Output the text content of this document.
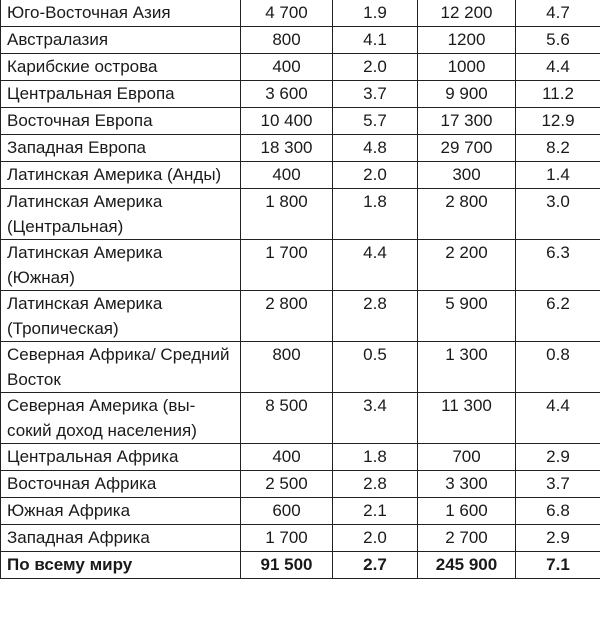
Юго-Восточная Азия	4 700	1.9	12 200	4.7
Австралазия	800	4.1	1200	5.6
Карибские острова	400	2.0	1000	4.4
Центральная Европа	3 600	3.7	9 900	11.2
Восточная Европа	10 400	5.7	17 300	12.9
Западная Европа	18 300	4.8	29 700	8.2
Латинская Америка (Анды)	400	2.0	300	1.4
Латинская Америка (Центральная)	1 800	1.8	2 800	3.0
Латинская Америка (Южная)	1 700	4.4	2 200	6.3
Латинская Америка (Тропическая)	2 800	2.8	5 900	6.2
Северная Африка/ Средний Восток	800	0.5	1 300	0.8
Северная Америка (вы-сокий доход населения)	8 500	3.4	11 300	4.4
Центральная Африка	400	1.8	700	2.9
Восточная Африка	2 500	2.8	3 300	3.7
Южная Африка	600	2.1	1 600	6.8
Западная Африка	1 700	2.0	2 700	2.9
По всему миру	91 500	2.7	245 900	7.1
